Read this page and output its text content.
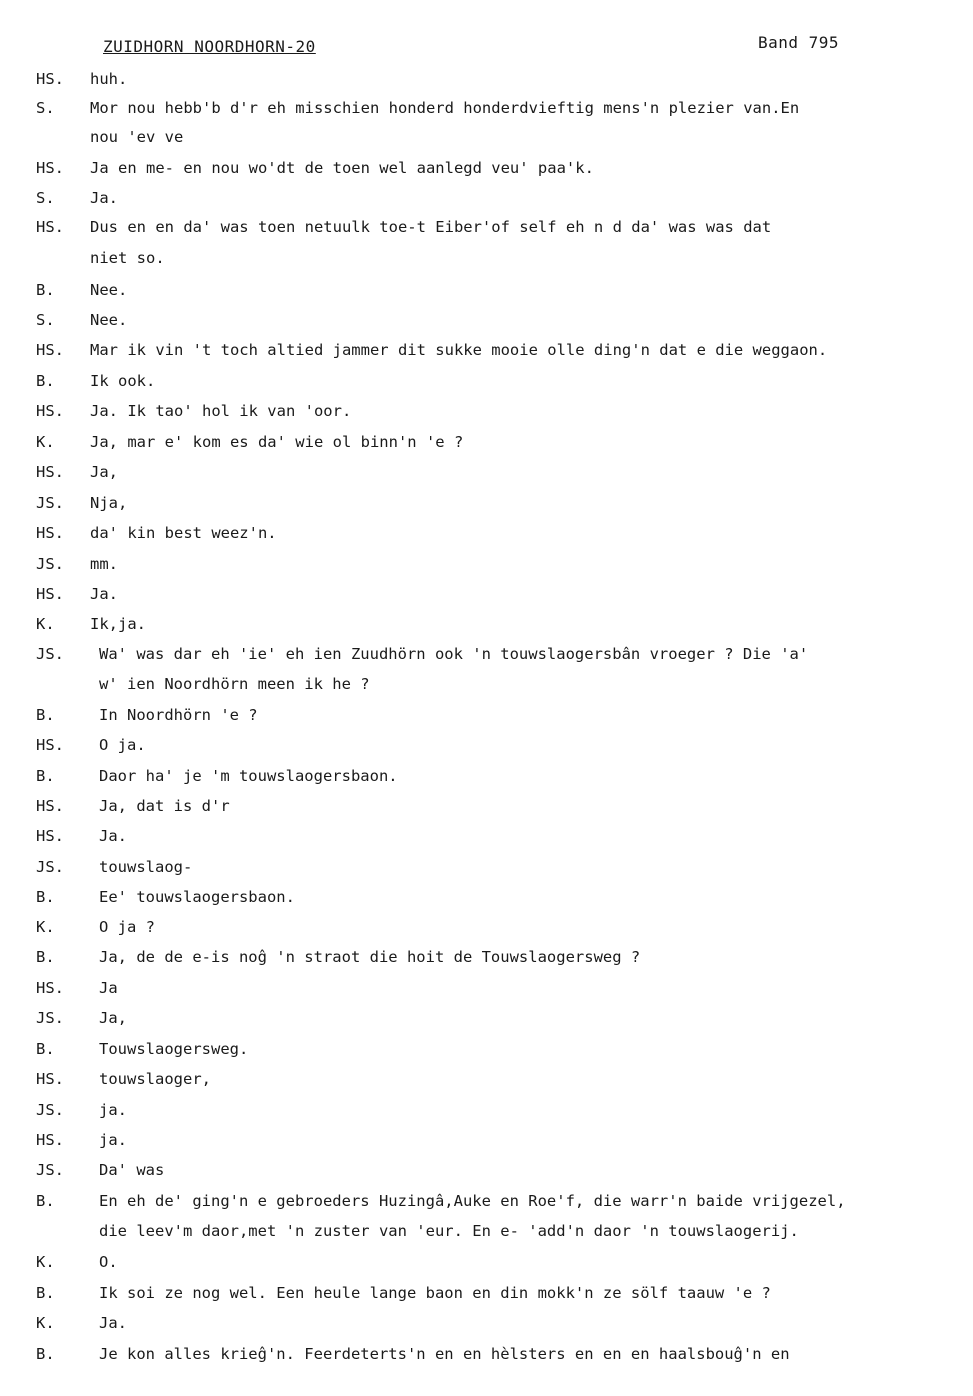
ZUIDHORN NOORDHORN-20	Band 795
HS. huh.
S. Mor nou hebb'b d'r eh misschien honderd honderdvieftig mens'n plezier van.En
nou 'ev ve
HS. Ja en me- en nou wo'dt de toen wel aanlegd veu' paa'k.
S. Ja.
HS. Dus en en da' was toen netuulk toe-t Eiber'of self eh n d da' was was dat
niet so.
B. Nee.
S. Nee.
HS. Mar ik vin 't toch altied jammer dit sukke mooie olle ding'n dat e die weggaon.
B. Ik ook.
HS. Ja. Ik tao' hol ik van 'oor.
K. Ja, mar e' kom es da' wie ol binn'n 'e ?
HS. Ja,
JS. Nja,
HS. da' kin best weez'n.
JS. mm.
HS. Ja.
K. Ik,ja.
JS. Wa' was dar eh 'ie' eh ien Zuudhörn ook 'n touwslaogersbân vroeger ? Die 'a'
w' ien Noordhörn meen ik he ?
B.	In Noordhörn 'e ?
HS. O ja.
B.	Daor ha' je 'm touwslaogersbaon.
HS. Ja, dat is d'r
HS. Ja.
JS. touwslaog-
B.	Ee' touwslaogersbaon.
K.	O ja ?
B.	Ja, de de e-is noĝ 'n straot die hoit de Touwslaogersweg ?
HS. Ja
JS. Ja,
B.	Touwslaogersweg.
HS. touwslaoger,
JS. ja.
HS. ja.
JS. Da' was
B.	En eh de' ging'n e gebroeders Huzingâ,Auke en Roe'f, die warr'n baide vrijgezel,
die leev'm daor,met 'n zuster van 'eur. En e- 'add'n daor 'n touwslaogerij.
K.	O.
B.	Ik soi ze nog wel. Een heule lange baon en din mokk'n ze sölf taauw 'e ?
K.	Ja.
B.	Je kon alles krieĝ'n. Feerdeterts'n en en hèlsters en en en haalsbouĝ'n en
